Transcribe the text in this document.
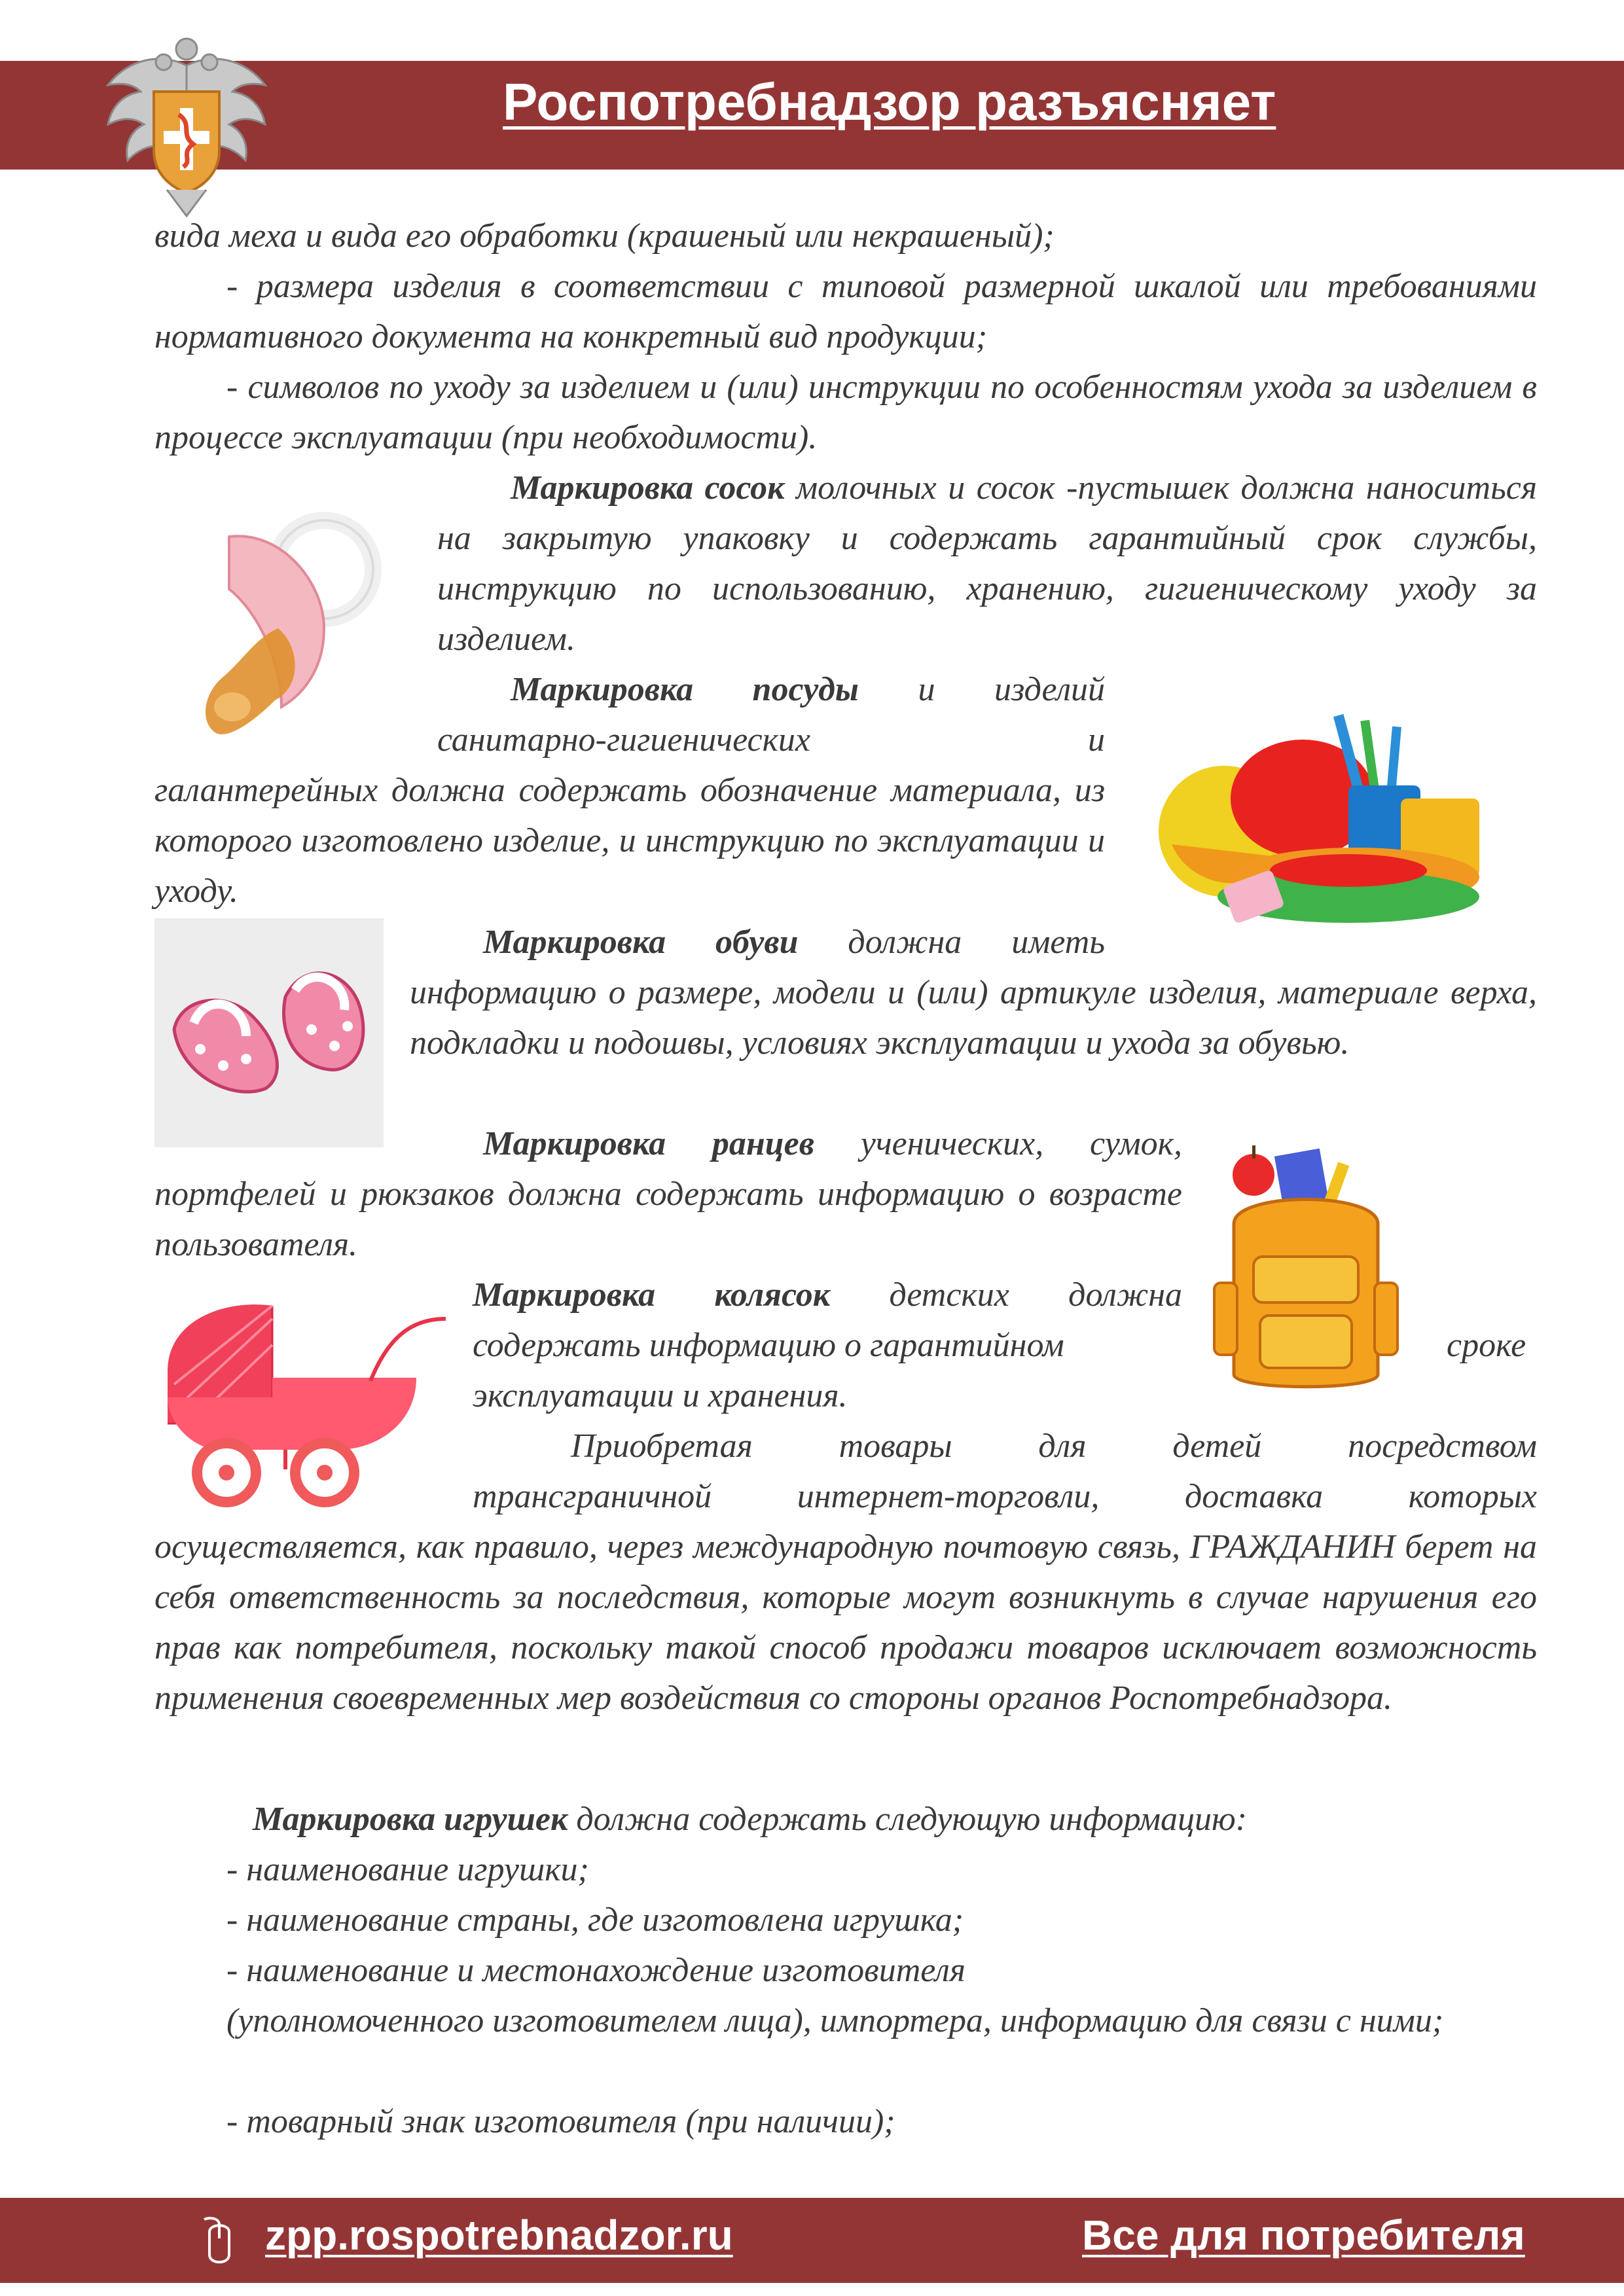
Роспотребнадзор разъясняет

вида меха и вида его обработки (крашеный или некрашеный);

- размера изделия в соответствии с типовой размерной шкалой или требованиями нормативного документа на конкретный вид продукции;

- символов по уходу за изделием и (или) инструкции по особенностям ухода за изделием в процессе эксплуатации (при необходимости).

Маркировка сосок молочных и сосок -пустышек должна наноситься на закрытую упаковку и содержать гарантийный срок службы, инструкцию по использованию, хранению, гигиеническому уходу за изделием.

Маркировка посуды и изделий

санитарно-гигиенических и

галантерейных должна содержать обозначение материала, из которого изготовлено изделие, и инструкцию по эксплуатации и уходу.

Маркировка обуви должна иметь

информацию о размере, модели и (или) артикуле изделия, материале верха, подкладки и подошвы, условиях эксплуатации и ухода за обувью.

Маркировка ранцев ученических, сумок,

портфелей и рюкзаков должна содержать информацию о возрасте пользователя.

Маркировка колясок детских должна

содержать информацию о гарантийном	сроке

эксплуатации и хранения.

Приобретая товары для детей посредством

трансграничной интернет-торговли, доставка которых

осуществляется, как правило, через международную почтовую связь, ГРАЖДАНИН берет на себя ответственность за последствия, которые могут возникнуть в случае нарушения его прав как потребителя, поскольку такой способ продажи товаров исключает возможность применения своевременных мер воздействия со стороны органов Роспотребнадзора.

Маркировка игрушек должна содержать следующую информацию:

- наименование игрушки;

- наименование страны, где изготовлена игрушка;

- наименование и местонахождение изготовителя

(уполномоченного изготовителем лица), импортера, информацию для связи с ними;

- товарный знак изготовителя (при наличии);

zpp.rospotrebnadzor.ru	Все для потребителя
